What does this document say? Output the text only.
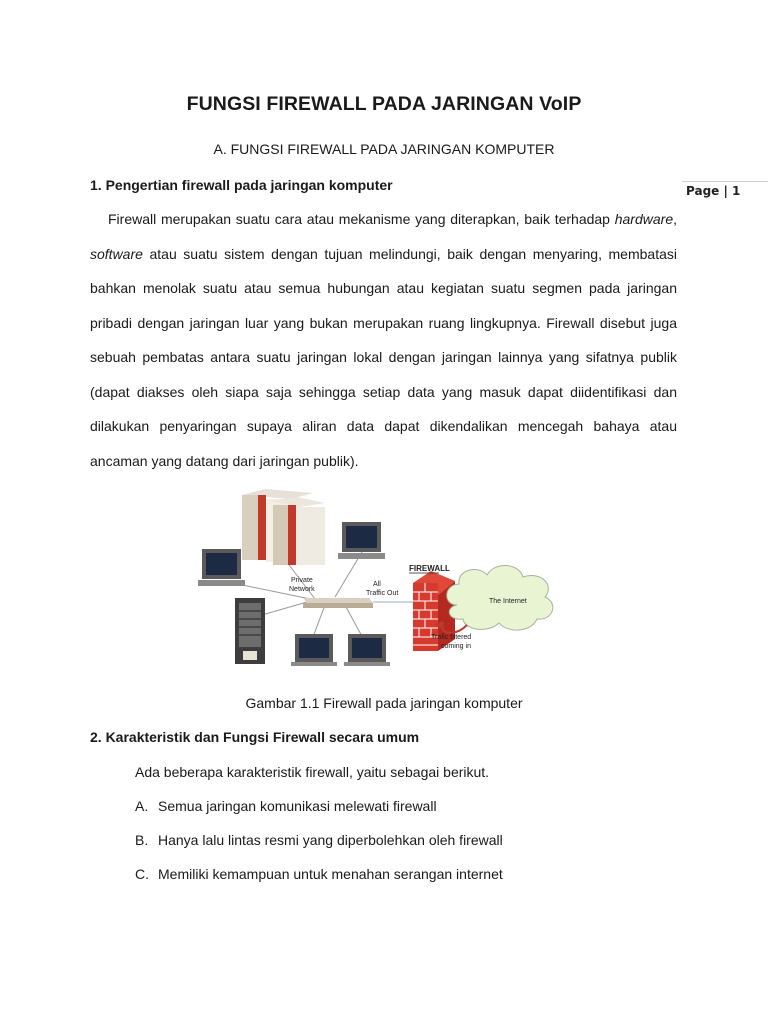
Page | 1
FUNGSI FIREWALL PADA JARINGAN VoIP
A. FUNGSI FIREWALL PADA JARINGAN KOMPUTER
1. Pengertian firewall pada jaringan komputer

Firewall merupakan suatu cara atau mekanisme yang diterapkan, baik terhadap hardware, software atau suatu sistem dengan tujuan melindungi, baik dengan menyaring, membatasi bahkan menolak suatu atau semua hubungan atau kegiatan suatu segmen pada jaringan pribadi dengan jaringan luar yang bukan merupakan ruang lingkupnya. Firewall disebut juga sebuah pembatas antara suatu jaringan lokal dengan jaringan lainnya yang sifatnya publik (dapat diakses oleh siapa saja sehingga setiap data yang masuk dapat diidentifikasi dan dilakukan penyaringan supaya aliran data dapat dikendalikan mencegah bahaya atau ancaman yang datang dari jaringan publik).

Private
Network
All
Traffic Out
FIREWALL
The Internet
Trafic filtered
coming in
Gambar 1.1 Firewall pada jaringan komputer
2. Karakteristik dan Fungsi Firewall secara umum
Ada beberapa karakteristik firewall, yaitu sebagai berikut.
A. Semua jaringan komunikasi melewati firewall
B. Hanya lalu lintas resmi yang diperbolehkan oleh firewall
C. Memiliki kemampuan untuk menahan serangan internet
